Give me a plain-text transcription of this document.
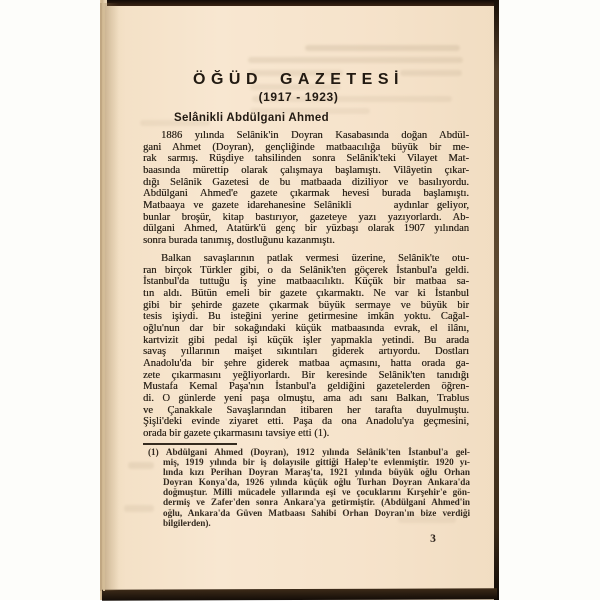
ÖĞÜD GAZETESİ
(1917 - 1923)
Selânikli Abdülgani Ahmed
1886 yılında Selânik'in Doyran Kasabasında doğan Abdül-
gani Ahmet (Doyran), gençliğinde matbaacılığa büyük bir me-
rak sarmış. Rüşdiye tahsilinden sonra Selânik'teki Vilayet Mat-
baasında mürettip olarak çalışmaya başlamıştı. Vilâyetin çıkar-
dığı Selânik Gazetesi de bu matbaada diziliyor ve basılıyordu.
Abdülgani Ahmed'e gazete çıkarmak hevesi burada başlamıştı.
Matbaaya ve gazete idarehanesine Selânikli     aydınlar geliyor,
bunlar broşür, kitap bastırıyor, gazeteye yazı yazıyorlardı. Ab-
dülgani Ahmed, Atatürk'ü genç bir yüzbaşı olarak 1907 yılından
sonra burada tanımış, dostluğunu kazanmıştı.
Balkan savaşlarının patlak vermesi üzerine, Selânik'te otu-
ran birçok Türkler gibi, o da Selânik'ten göçerek İstanbul'a geldi.
İstanbul'da tuttuğu iş yine matbaacılıktı. Küçük bir matbaa sa-
tın aldı. Bütün emeli bir gazete çıkarmaktı. Ne var ki İstanbul
gibi bir şehirde gazete çıkarmak büyük sermaye ve büyük bir
tesis işiydi. Bu isteğini yerine getirmesine imkân yoktu. Cağal-
oğlu'nun dar bir sokağındaki küçük matbaasında evrak, el ilânı,
kartvizit gibi pedal işi küçük işler yapmakla yetindi. Bu arada
savaş yıllarının maişet sıkıntıları giderek artıyordu. Dostları
Anadolu'da bir şehre giderek matbaa açmasını, hatta orada ga-
zete çıkarmasını yeğliyorlardı. Bir keresinde Selânik'ten tanıdığı
Mustafa Kemal Paşa'nın İstanbul'a geldiğini gazetelerden öğren-
di. O günlerde yeni paşa olmuştu, ama adı sanı Balkan, Trablus
ve Çanakkale Savaşlarından itibaren her tarafta duyulmuştu.
Şişli'deki evinde ziyaret etti. Paşa da ona Anadolu'ya geçmesini,
orada bir gazete çıkarmasını tavsiye etti (1).
(1) Abdülgani Ahmed (Doyran), 1912 yılında Selânik'ten İstanbul'a gel-
miş, 1919 yılında bir iş dolayısile gittiği Halep'te evlenmiştir. 1920 yı-
lında kızı Perihan Doyran Maraş'ta, 1921 yılında büyük oğlu Orhan
Doyran Konya'da, 1926 yılında küçük oğlu Turhan Doyran Ankara'da
doğmuştur. Milli mücadele yıllarında eşi ve çocuklarını Kırşehir'e gön-
dermiş ve Zafer'den sonra Ankara'ya getirmiştir. (Abdülgani Ahmed'in
oğlu, Ankara'da Güven Matbaası Sahibi Orhan Doyran'ın bize verdiği
bilgilerden).
3
